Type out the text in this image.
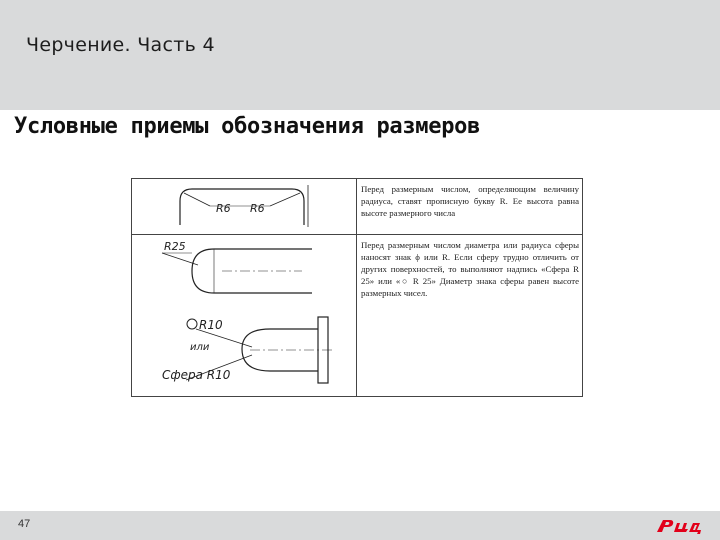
Черчение. Часть 4
Условные приемы обозначения размеров
R6 R6
R25
R10
или
Сфера R10
Перед размерным числом, определяющим величину радиуса, ставят прописную букву R. Ее высота равна высоте размерного числа
Перед размерным числом диаметра или радиуса сферы наносят знак ϕ или R. Если сферу трудно отличить от других поверхностей, то выполняют надпись «Сфера R 25» или «○ R 25» Диаметр знака сферы равен высоте размерных чисел.
47
